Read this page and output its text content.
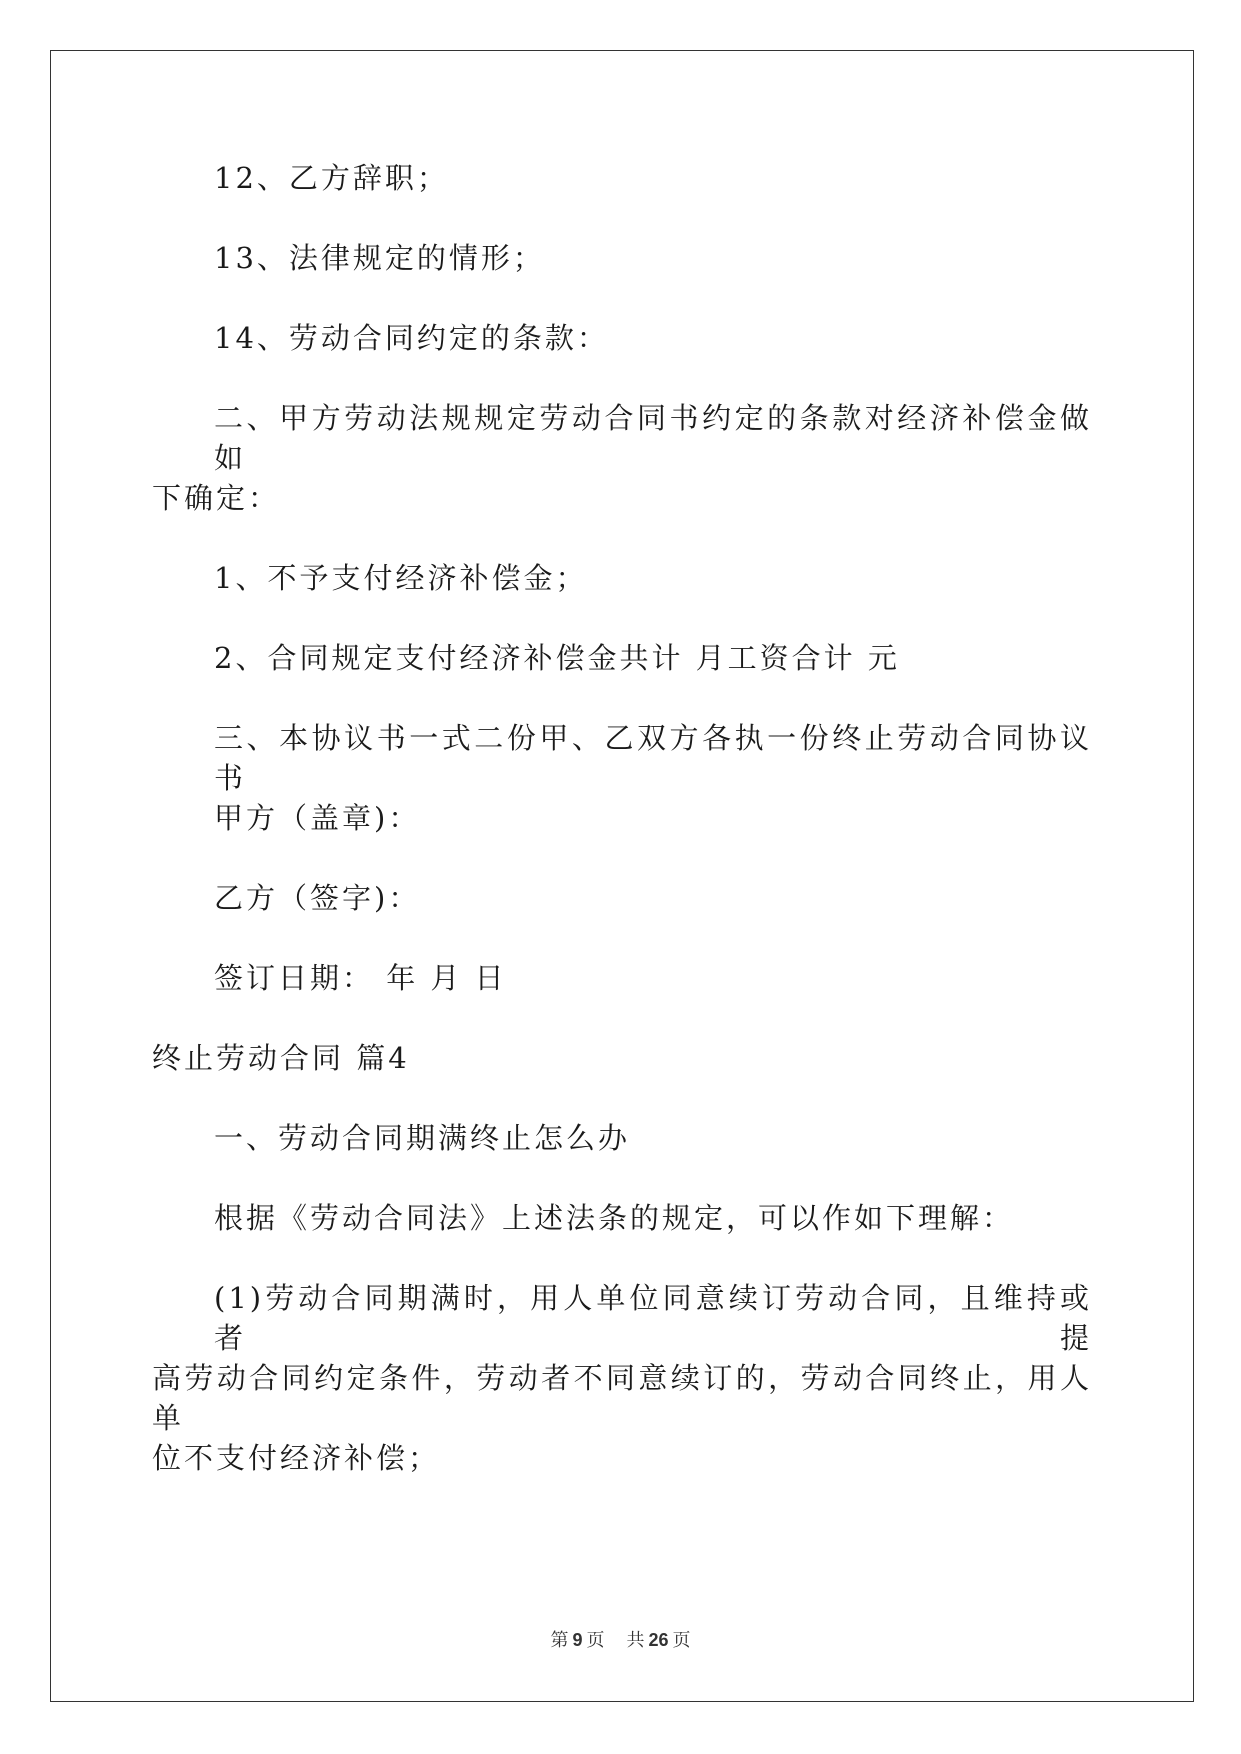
12、乙方辞职；
13、法律规定的情形；
14、劳动合同约定的条款：
二、甲方劳动法规规定劳动合同书约定的条款对经济补偿金做如
下确定：
1、不予支付经济补偿金；
2、合同规定支付经济补偿金共计 月工资合计 元
三、本协议书一式二份甲、乙双方各执一份终止劳动合同协议书
甲方（盖章)：
乙方（签字)：
签订日期： 年 月 日
终止劳动合同 篇4
一、劳动合同期满终止怎么办
根据《劳动合同法》上述法条的规定，可以作如下理解：
(1)劳动合同期满时，用人单位同意续订劳动合同，且维持或者提
高劳动合同约定条件，劳动者不同意续订的，劳动合同终止，用人单
位不支付经济补偿；
第 9 页 共 26 页
